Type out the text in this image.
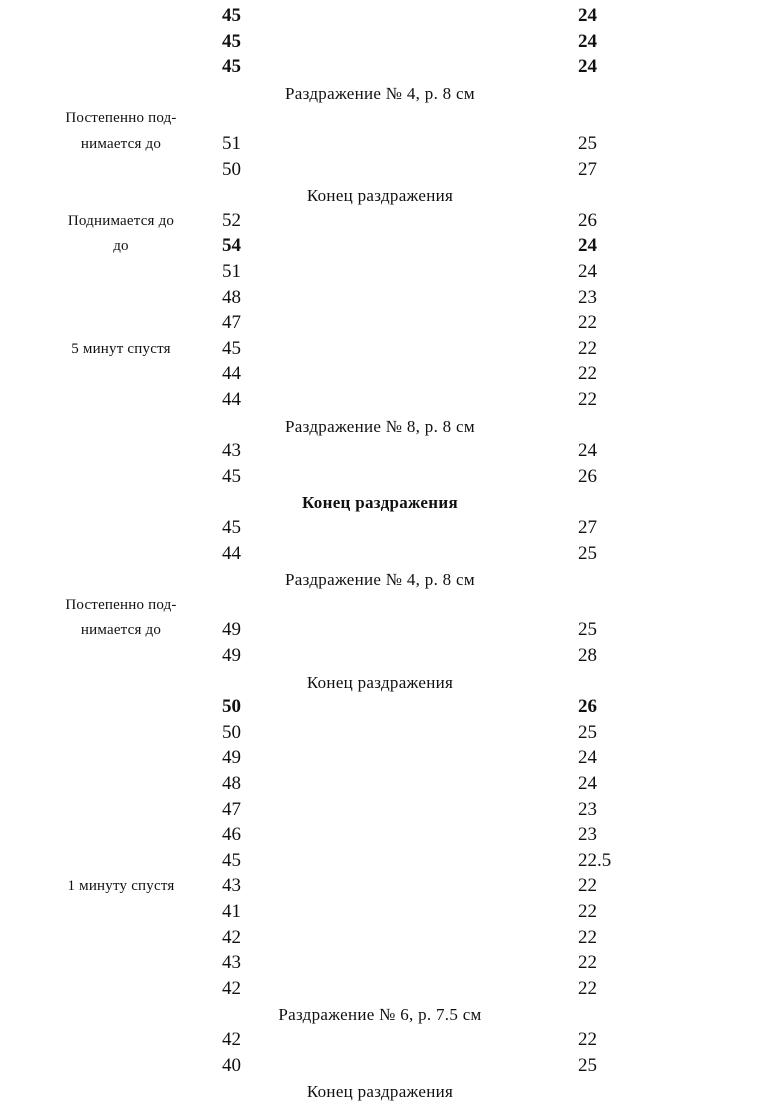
45	24
45	24
45	24
Раздражение № 4, р. 8 см
Постепенно под-
нимается до	51	25
50	27
Конец раздражения
Поднимается до	52	26
до	54	24
51	24
48	23
47	22
5 минут спустя	45	22
44	22
44	22
Раздражение № 8, р. 8 см
43	24
45	26
Конец раздражения
45	27
44	25
Раздражение № 4, р. 8 см
Постепенно под-
нимается до	49	25
49	28
Конец раздражения
50	26
50	25
49	24
48	24
47	23
46	23
45	22.5
1 минуту спустя	43	22
41	22
42	22
43	22
42	22
Раздражение № 6, р. 7.5 см
42	22
40	25
Конец раздражения
